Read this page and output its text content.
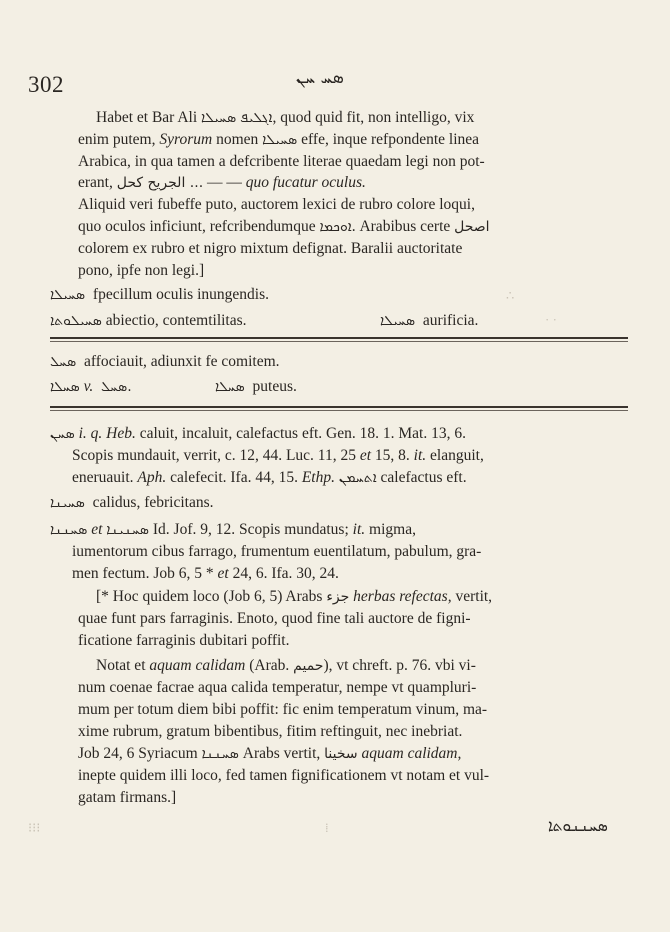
302	ܣܚ ܚܢ
Habet et Bar Ali	ܐܓܠܝܦ ܣܚܝܠܐ , quod quid fit, non intelligo, vix
enim putem, Syrorum nomen ܣܚܝܠܐ effe, inque refpondente linea
Arabica, in qua tamen a defcribente literae quaedam legi non pot-
erant, الجريح كحل ... — — quo fucatur oculus.
Aliquid veri fubeffe puto, auctorem lexici de rubro colore loqui,
quo oculos inficiunt, refcribendumque ܐܘܟܡܐ. Arabibus certe اصحل
colorem ex rubro et nigro mixtum defignat. Baralii auctoritate
pono, ipfe non legi.]
ܣܚܝܠܐ fpecillum oculis inungendis.
ܣܚܝܠܘܬܐ abiectio, contemtilitas.	ܣܚܝܠܐ aurificia.
ܣܚܠ affociauit, adiunxit fe comitem.
ܣܚܠܐ v. ܣܚܠ.	ܣܚܠܐ puteus.
ܣܚܢ i. q. Heb. caluit, incaluit, calefactus eft. Gen. 18. 1. Mat. 13, 6.
Scopis mundauit, verrit, c. 12, 44. Luc. 11, 25 et 15, 8. it. elanguit,
eneruauit. Aph. calefecit. Ifa. 44, 15. Ethp. ܐܬܚܡܢ calefactus eft.
ܣܚܝܢܐ calidus, febricitans.
ܣܚܢܢܐ et ܣܚܢܝܢܐ Id. Jof. 9, 12. Scopis mundatus; it. migma,
iumentorum cibus farrago, frumentum euentilatum, pabulum, gra-
men fectum. Job 6, 5 * et 24, 6. Ifa. 30, 24.
[* Hoc quidem loco (Job 6, 5) Arabs جزء herbas refectas, vertit,
quae funt pars farraginis. Enoto, quod fine tali auctore de figni-
ficatione farraginis dubitari poffit.
Notat et aquam calidam (Arab. حميم), vt chreft. p. 76. vbi vi-
num coenae facrae aqua calida temperatur, nempe vt quampluri-
mum per totum diem bibi poffit: fic enim temperatum vinum, ma-
xime rubrum, gratum bibentibus, fitim reftinguit, nec inebriat.
Job 24, 6 Syriacum ܣܚܢܢܐ Arabs vertit, سخينا aquam calidam,
inepte quidem illi loco, fed tamen fignificationem vt notam et vul-
gatam firmans.]
ܣܚܢܢܘܬܐ
⁝⁝⁝	⁞
∴
· ·
